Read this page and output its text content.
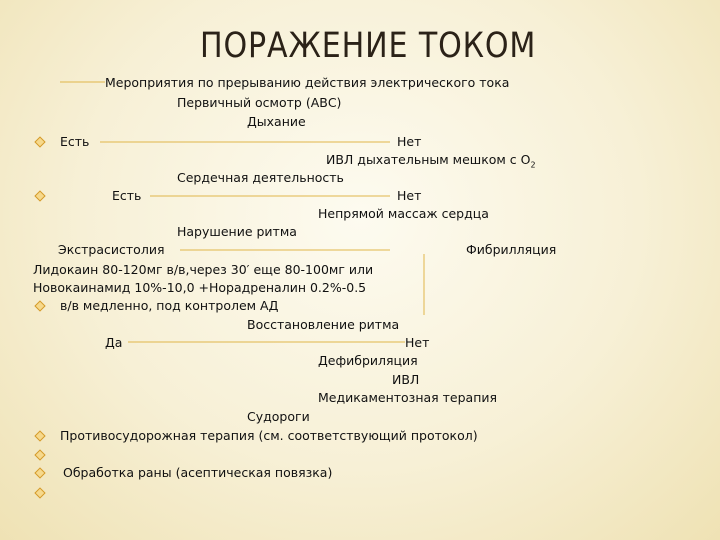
ПОРАЖЕНИЕ ТОКОМ
Мероприятия по прерыванию действия электрического тока
Первичный осмотр (АВС)
Дыхание
Есть	Нет
ИВЛ дыхательным мешком с $O_2$
Сердечная деятельность
Есть	Нет
Непрямой массаж сердца
Нарушение ритма
Экстрасистолия	Фибрилляция
Лидокаин 80-120мг в/в,через 30′ еще 80-100мг или
Новокаинамид 10%-10,0 +Норадреналин 0.2%-0.5
в/в медленно, под контролем АД
Восстановление ритма
Да	Нет
Дефибриляция
ИВЛ
Медикаментозная терапия
Судороги
Противосудорожная терапия (см. соответствующий протокол)
Обработка раны (асептическая повязка)
